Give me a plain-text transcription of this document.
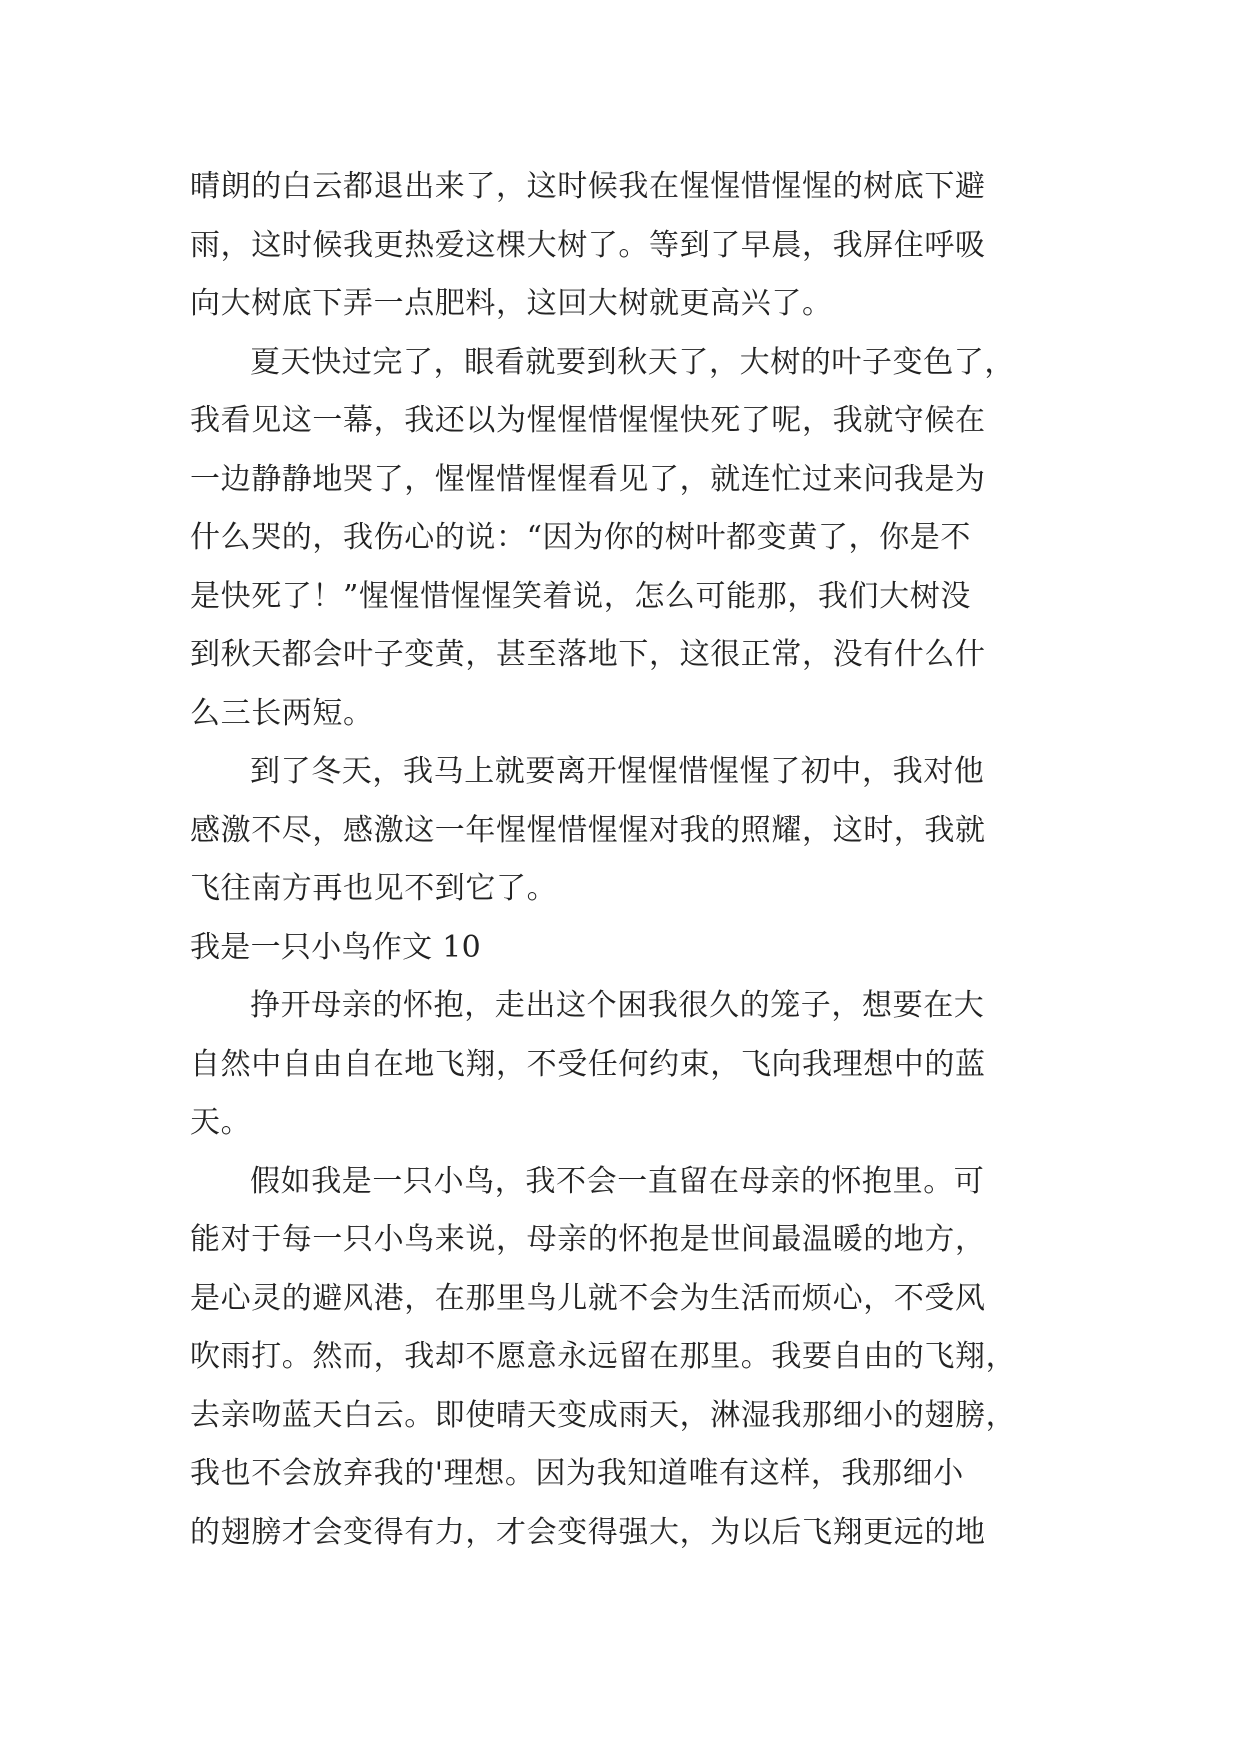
晴朗的白云都退出来了，这时候我在惺惺惜惺惺的树底下避
雨，这时候我更热爱这棵大树了。等到了早晨，我屏住呼吸
向大树底下弄一点肥料，这回大树就更高兴了。
夏天快过完了，眼看就要到秋天了，大树的叶子变色了，
我看见这一幕，我还以为惺惺惜惺惺快死了呢，我就守候在
一边静静地哭了，惺惺惜惺惺看见了，就连忙过来问我是为
什么哭的，我伤心的说：“因为你的树叶都变黄了，你是不
是快死了！”惺惺惜惺惺笑着说，怎么可能那，我们大树没
到秋天都会叶子变黄，甚至落地下，这很正常，没有什么什
么三长两短。
到了冬天，我马上就要离开惺惺惜惺惺了初中，我对他
感激不尽，感激这一年惺惺惜惺惺对我的照耀，这时，我就
飞往南方再也见不到它了。
我是一只小鸟作文 10
挣开母亲的怀抱，走出这个困我很久的笼子，想要在大
自然中自由自在地飞翔，不受任何约束，飞向我理想中的蓝
天。
假如我是一只小鸟，我不会一直留在母亲的怀抱里。可
能对于每一只小鸟来说，母亲的怀抱是世间最温暖的地方，
是心灵的避风港，在那里鸟儿就不会为生活而烦心，不受风
吹雨打。然而，我却不愿意永远留在那里。我要自由的飞翔，
去亲吻蓝天白云。即使晴天变成雨天，淋湿我那细小的翅膀，
我也不会放弃我的'理想。因为我知道唯有这样，我那细小
的翅膀才会变得有力，才会变得强大，为以后飞翔更远的地
